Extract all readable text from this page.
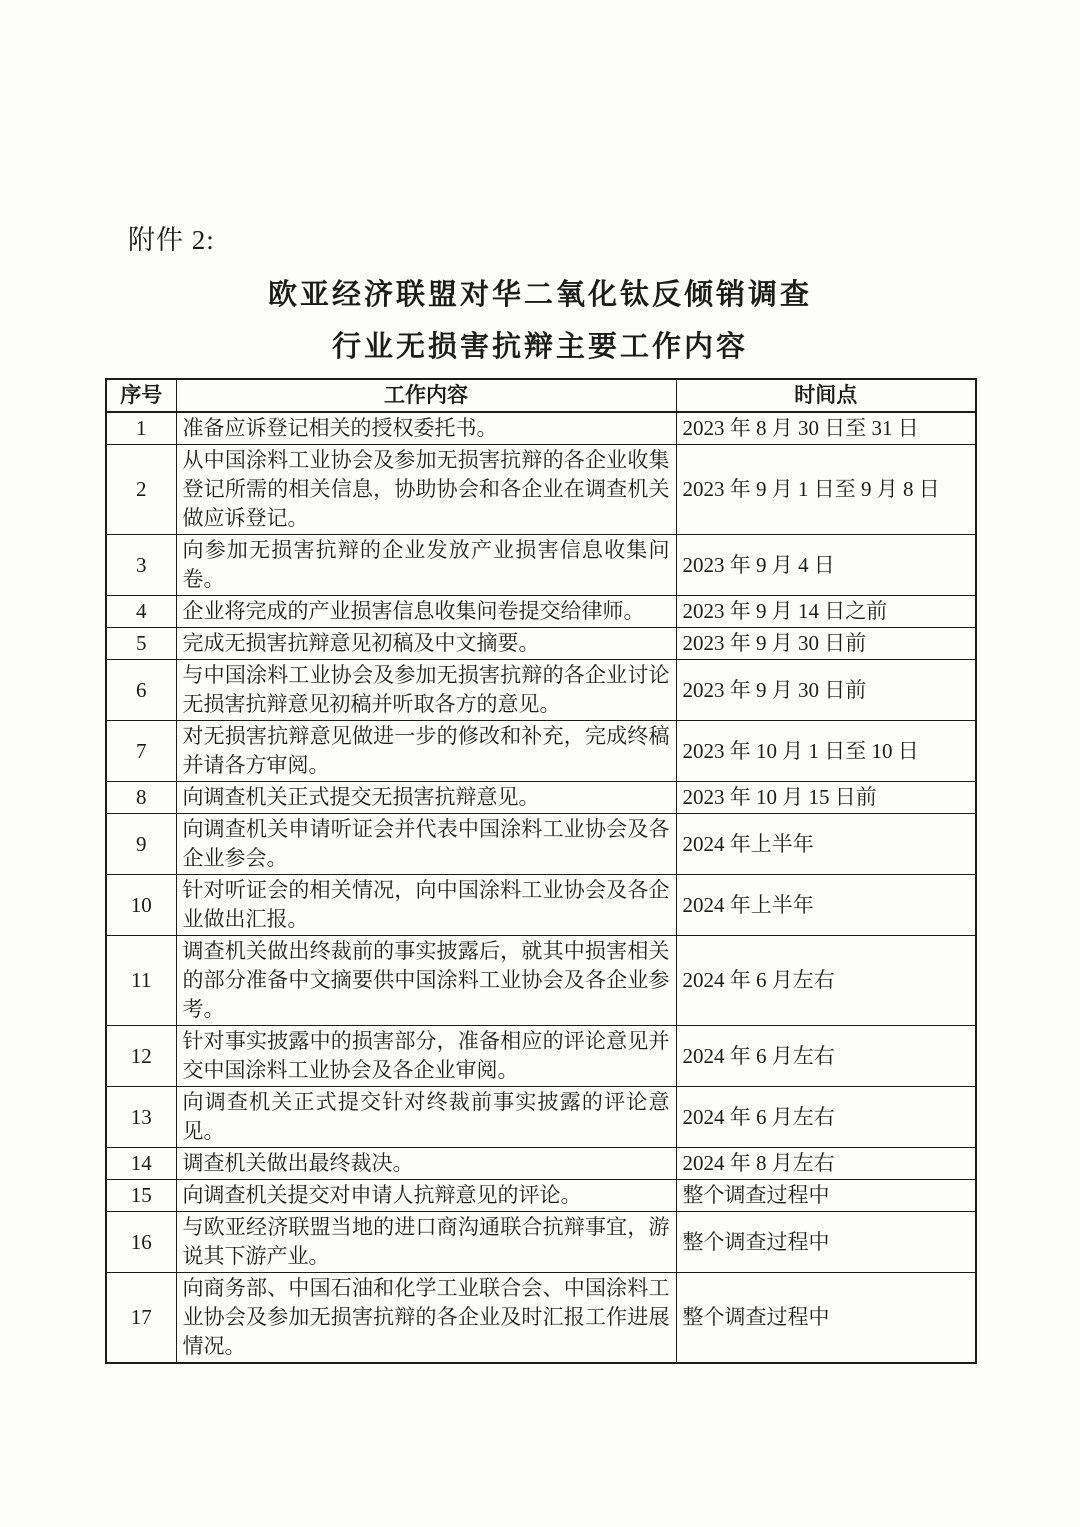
附件 2:
欧亚经济联盟对华二氧化钛反倾销调查
行业无损害抗辩主要工作内容
序号	工作内容	时间点
1	准备应诉登记相关的授权委托书。	2023 年 8 月 30 日至 31 日
2	从中国涂料工业协会及参加无损害抗辩的各企业收集登记所需的相关信息，协助协会和各企业在调查机关做应诉登记。	2023 年 9 月 1 日至 9 月 8 日
3	向参加无损害抗辩的企业发放产业损害信息收集问卷。	2023 年 9 月 4 日
4	企业将完成的产业损害信息收集问卷提交给律师。	2023 年 9 月 14 日之前
5	完成无损害抗辩意见初稿及中文摘要。	2023 年 9 月 30 日前
6	与中国涂料工业协会及参加无损害抗辩的各企业讨论无损害抗辩意见初稿并听取各方的意见。	2023 年 9 月 30 日前
7	对无损害抗辩意见做进一步的修改和补充，完成终稿并请各方审阅。	2023 年 10 月 1 日至 10 日
8	向调查机关正式提交无损害抗辩意见。	2023 年 10 月 15 日前
9	向调查机关申请听证会并代表中国涂料工业协会及各企业参会。	2024 年上半年
10	针对听证会的相关情况，向中国涂料工业协会及各企业做出汇报。	2024 年上半年
11	调查机关做出终裁前的事实披露后，就其中损害相关的部分准备中文摘要供中国涂料工业协会及各企业参考。	2024 年 6 月左右
12	针对事实披露中的损害部分，准备相应的评论意见并交中国涂料工业协会及各企业审阅。	2024 年 6 月左右
13	向调查机关正式提交针对终裁前事实披露的评论意见。	2024 年 6 月左右
14	调查机关做出最终裁决。	2024 年 8 月左右
15	向调查机关提交对申请人抗辩意见的评论。	整个调查过程中
16	与欧亚经济联盟当地的进口商沟通联合抗辩事宜，游说其下游产业。	整个调查过程中
17	向商务部、中国石油和化学工业联合会、中国涂料工业协会及参加无损害抗辩的各企业及时汇报工作进展情况。	整个调查过程中
